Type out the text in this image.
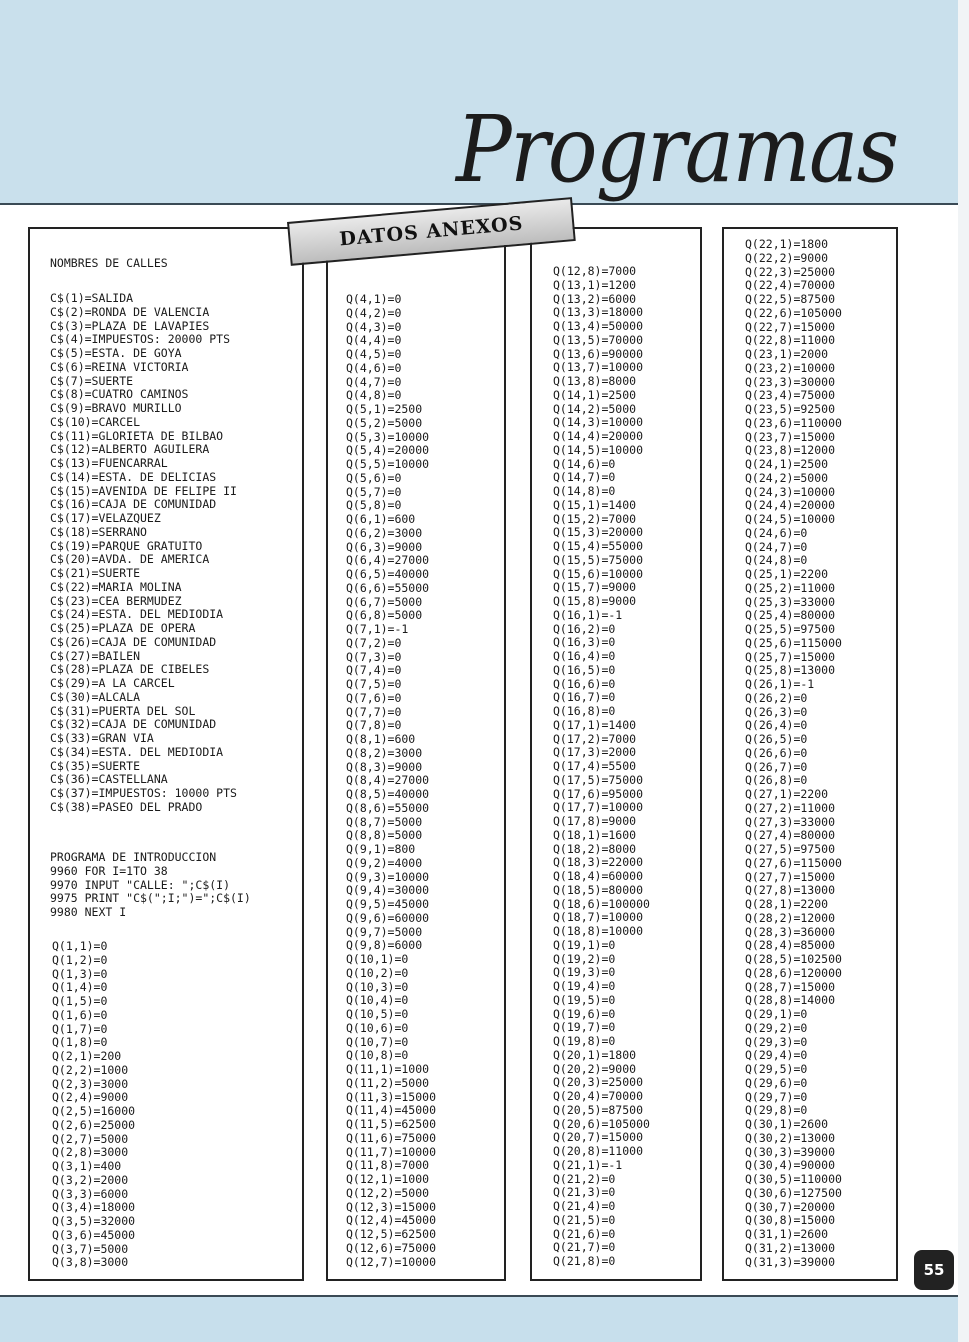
Programas
DATOS ANEXOS
NOMBRES DE CALLES
C$(1)=SALIDA
C$(2)=RONDA DE VALENCIA
C$(3)=PLAZA DE LAVAPIES
C$(4)=IMPUESTOS: 20000 PTS
C$(5)=ESTA. DE GOYA
C$(6)=REINA VICTORIA
C$(7)=SUERTE
C$(8)=CUATRO CAMINOS
C$(9)=BRAVO MURILLO
C$(10)=CARCEL
C$(11)=GLORIETA DE BILBAO
C$(12)=ALBERTO AGUILERA
C$(13)=FUENCARRAL
C$(14)=ESTA. DE DELICIAS
C$(15)=AVENIDA DE FELIPE II
C$(16)=CAJA DE COMUNIDAD
C$(17)=VELAZQUEZ
C$(18)=SERRANO
C$(19)=PARQUE GRATUITO
C$(20)=AVDA. DE AMERICA
C$(21)=SUERTE
C$(22)=MARIA MOLINA
C$(23)=CEA BERMUDEZ
C$(24)=ESTA. DEL MEDIODIA
C$(25)=PLAZA DE OPERA
C$(26)=CAJA DE COMUNIDAD
C$(27)=BAILEN
C$(28)=PLAZA DE CIBELES
C$(29)=A LA CARCEL
C$(30)=ALCALA
C$(31)=PUERTA DEL SOL
C$(32)=CAJA DE COMUNIDAD
C$(33)=GRAN VIA
C$(34)=ESTA. DEL MEDIODIA
C$(35)=SUERTE
C$(36)=CASTELLANA
C$(37)=IMPUESTOS: 10000 PTS
C$(38)=PASEO DEL PRADO
PROGRAMA DE INTRODUCCION
9960 FOR I=1TO 38
9970 INPUT "CALLE: ";C$(I)
9975 PRINT "C$(";I;")=";C$(I)
9980 NEXT I
Q(1,1)=0
Q(1,2)=0
Q(1,3)=0
Q(1,4)=0
Q(1,5)=0
Q(1,6)=0
Q(1,7)=0
Q(1,8)=0
Q(2,1)=200
Q(2,2)=1000
Q(2,3)=3000
Q(2,4)=9000
Q(2,5)=16000
Q(2,6)=25000
Q(2,7)=5000
Q(2,8)=3000
Q(3,1)=400
Q(3,2)=2000
Q(3,3)=6000
Q(3,4)=18000
Q(3,5)=32000
Q(3,6)=45000
Q(3,7)=5000
Q(3,8)=3000
Q(4,1)=0
Q(4,2)=0
Q(4,3)=0
Q(4,4)=0
Q(4,5)=0
Q(4,6)=0
Q(4,7)=0
Q(4,8)=0
Q(5,1)=2500
Q(5,2)=5000
Q(5,3)=10000
Q(5,4)=20000
Q(5,5)=10000
Q(5,6)=0
Q(5,7)=0
Q(5,8)=0
Q(6,1)=600
Q(6,2)=3000
Q(6,3)=9000
Q(6,4)=27000
Q(6,5)=40000
Q(6,6)=55000
Q(6,7)=5000
Q(6,8)=5000
Q(7,1)=-1
Q(7,2)=0
Q(7,3)=0
Q(7,4)=0
Q(7,5)=0
Q(7,6)=0
Q(7,7)=0
Q(7,8)=0
Q(8,1)=600
Q(8,2)=3000
Q(8,3)=9000
Q(8,4)=27000
Q(8,5)=40000
Q(8,6)=55000
Q(8,7)=5000
Q(8,8)=5000
Q(9,1)=800
Q(9,2)=4000
Q(9,3)=10000
Q(9,4)=30000
Q(9,5)=45000
Q(9,6)=60000
Q(9,7)=5000
Q(9,8)=6000
Q(10,1)=0
Q(10,2)=0
Q(10,3)=0
Q(10,4)=0
Q(10,5)=0
Q(10,6)=0
Q(10,7)=0
Q(10,8)=0
Q(11,1)=1000
Q(11,2)=5000
Q(11,3)=15000
Q(11,4)=45000
Q(11,5)=62500
Q(11,6)=75000
Q(11,7)=10000
Q(11,8)=7000
Q(12,1)=1000
Q(12,2)=5000
Q(12,3)=15000
Q(12,4)=45000
Q(12,5)=62500
Q(12,6)=75000
Q(12,7)=10000
Q(12,8)=7000
Q(13,1)=1200
Q(13,2)=6000
Q(13,3)=18000
Q(13,4)=50000
Q(13,5)=70000
Q(13,6)=90000
Q(13,7)=10000
Q(13,8)=8000
Q(14,1)=2500
Q(14,2)=5000
Q(14,3)=10000
Q(14,4)=20000
Q(14,5)=10000
Q(14,6)=0
Q(14,7)=0
Q(14,8)=0
Q(15,1)=1400
Q(15,2)=7000
Q(15,3)=20000
Q(15,4)=55000
Q(15,5)=75000
Q(15,6)=10000
Q(15,7)=9000
Q(15,8)=9000
Q(16,1)=-1
Q(16,2)=0
Q(16,3)=0
Q(16,4)=0
Q(16,5)=0
Q(16,6)=0
Q(16,7)=0
Q(16,8)=0
Q(17,1)=1400
Q(17,2)=7000
Q(17,3)=2000
Q(17,4)=5500
Q(17,5)=75000
Q(17,6)=95000
Q(17,7)=10000
Q(17,8)=9000
Q(18,1)=1600
Q(18,2)=8000
Q(18,3)=22000
Q(18,4)=60000
Q(18,5)=80000
Q(18,6)=100000
Q(18,7)=10000
Q(18,8)=10000
Q(19,1)=0
Q(19,2)=0
Q(19,3)=0
Q(19,4)=0
Q(19,5)=0
Q(19,6)=0
Q(19,7)=0
Q(19,8)=0
Q(20,1)=1800
Q(20,2)=9000
Q(20,3)=25000
Q(20,4)=70000
Q(20,5)=87500
Q(20,6)=105000
Q(20,7)=15000
Q(20,8)=11000
Q(21,1)=-1
Q(21,2)=0
Q(21,3)=0
Q(21,4)=0
Q(21,5)=0
Q(21,6)=0
Q(21,7)=0
Q(21,8)=0
Q(22,1)=1800
Q(22,2)=9000
Q(22,3)=25000
Q(22,4)=70000
Q(22,5)=87500
Q(22,6)=105000
Q(22,7)=15000
Q(22,8)=11000
Q(23,1)=2000
Q(23,2)=10000
Q(23,3)=30000
Q(23,4)=75000
Q(23,5)=92500
Q(23,6)=110000
Q(23,7)=15000
Q(23,8)=12000
Q(24,1)=2500
Q(24,2)=5000
Q(24,3)=10000
Q(24,4)=20000
Q(24,5)=10000
Q(24,6)=0
Q(24,7)=0
Q(24,8)=0
Q(25,1)=2200
Q(25,2)=11000
Q(25,3)=33000
Q(25,4)=80000
Q(25,5)=97500
Q(25,6)=115000
Q(25,7)=15000
Q(25,8)=13000
Q(26,1)=-1
Q(26,2)=0
Q(26,3)=0
Q(26,4)=0
Q(26,5)=0
Q(26,6)=0
Q(26,7)=0
Q(26,8)=0
Q(27,1)=2200
Q(27,2)=11000
Q(27,3)=33000
Q(27,4)=80000
Q(27,5)=97500
Q(27,6)=115000
Q(27,7)=15000
Q(27,8)=13000
Q(28,1)=2200
Q(28,2)=12000
Q(28,3)=36000
Q(28,4)=85000
Q(28,5)=102500
Q(28,6)=120000
Q(28,7)=15000
Q(28,8)=14000
Q(29,1)=0
Q(29,2)=0
Q(29,3)=0
Q(29,4)=0
Q(29,5)=0
Q(29,6)=0
Q(29,7)=0
Q(29,8)=0
Q(30,1)=2600
Q(30,2)=13000
Q(30,3)=39000
Q(30,4)=90000
Q(30,5)=110000
Q(30,6)=127500
Q(30,7)=20000
Q(30,8)=15000
Q(31,1)=2600
Q(31,2)=13000
Q(31,3)=39000	55
